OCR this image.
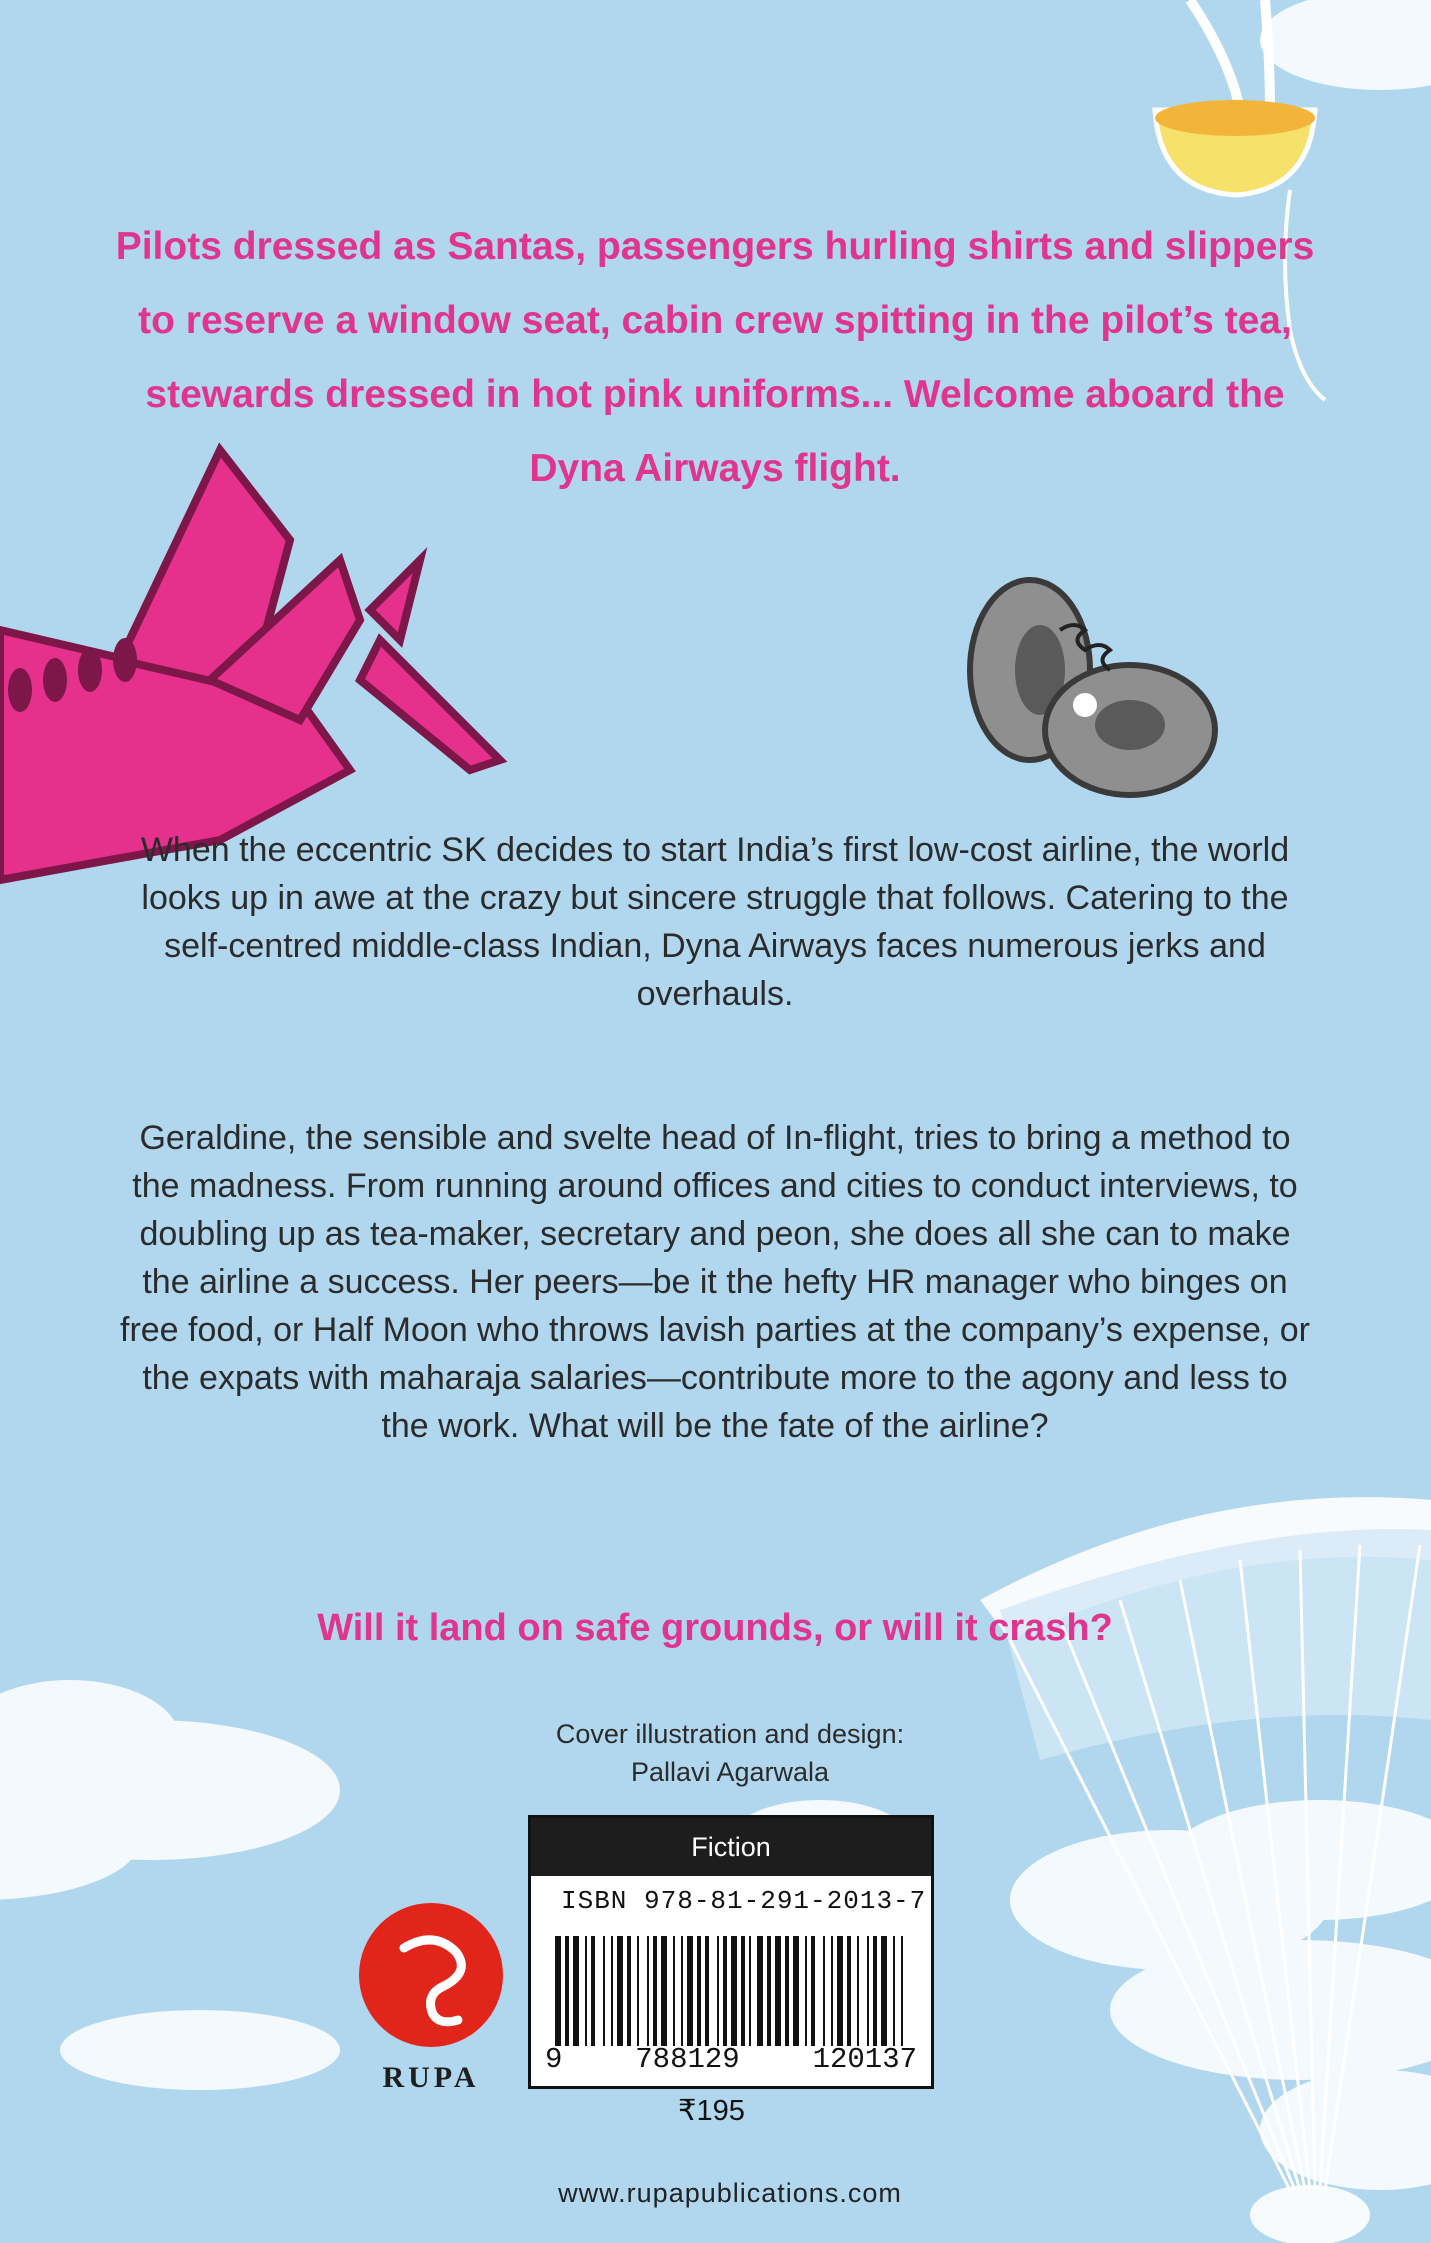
Pilots dressed as Santas, passengers hurling shirts and slippers to reserve a window seat, cabin crew spitting in the pilot’s tea, stewards dressed in hot pink uniforms... Welcome aboard the Dyna Airways flight.

When the eccentric SK decides to start India’s first low-cost airline, the world looks up in awe at the crazy but sincere struggle that follows. Catering to the self-centred middle-class Indian, Dyna Airways faces numerous jerks and overhauls.

Geraldine, the sensible and svelte head of In-flight, tries to bring a method to the madness. From running around offices and cities to conduct interviews, to doubling up as tea-maker, secretary and peon, she does all she can to make the airline a success. Her peers—be it the hefty HR manager who binges on free food, or Half Moon who throws lavish parties at the company’s expense, or the expats with maharaja salaries—contribute more to the agony and less to the work. What will be the fate of the airline?

Will it land on safe grounds, or will it crash?

Cover illustration and design:
Pallavi Agarwala
RUPA
Fiction
ISBN 978-81-291-2013-7
9	788129	120137
₹195
www.rupapublications.com
